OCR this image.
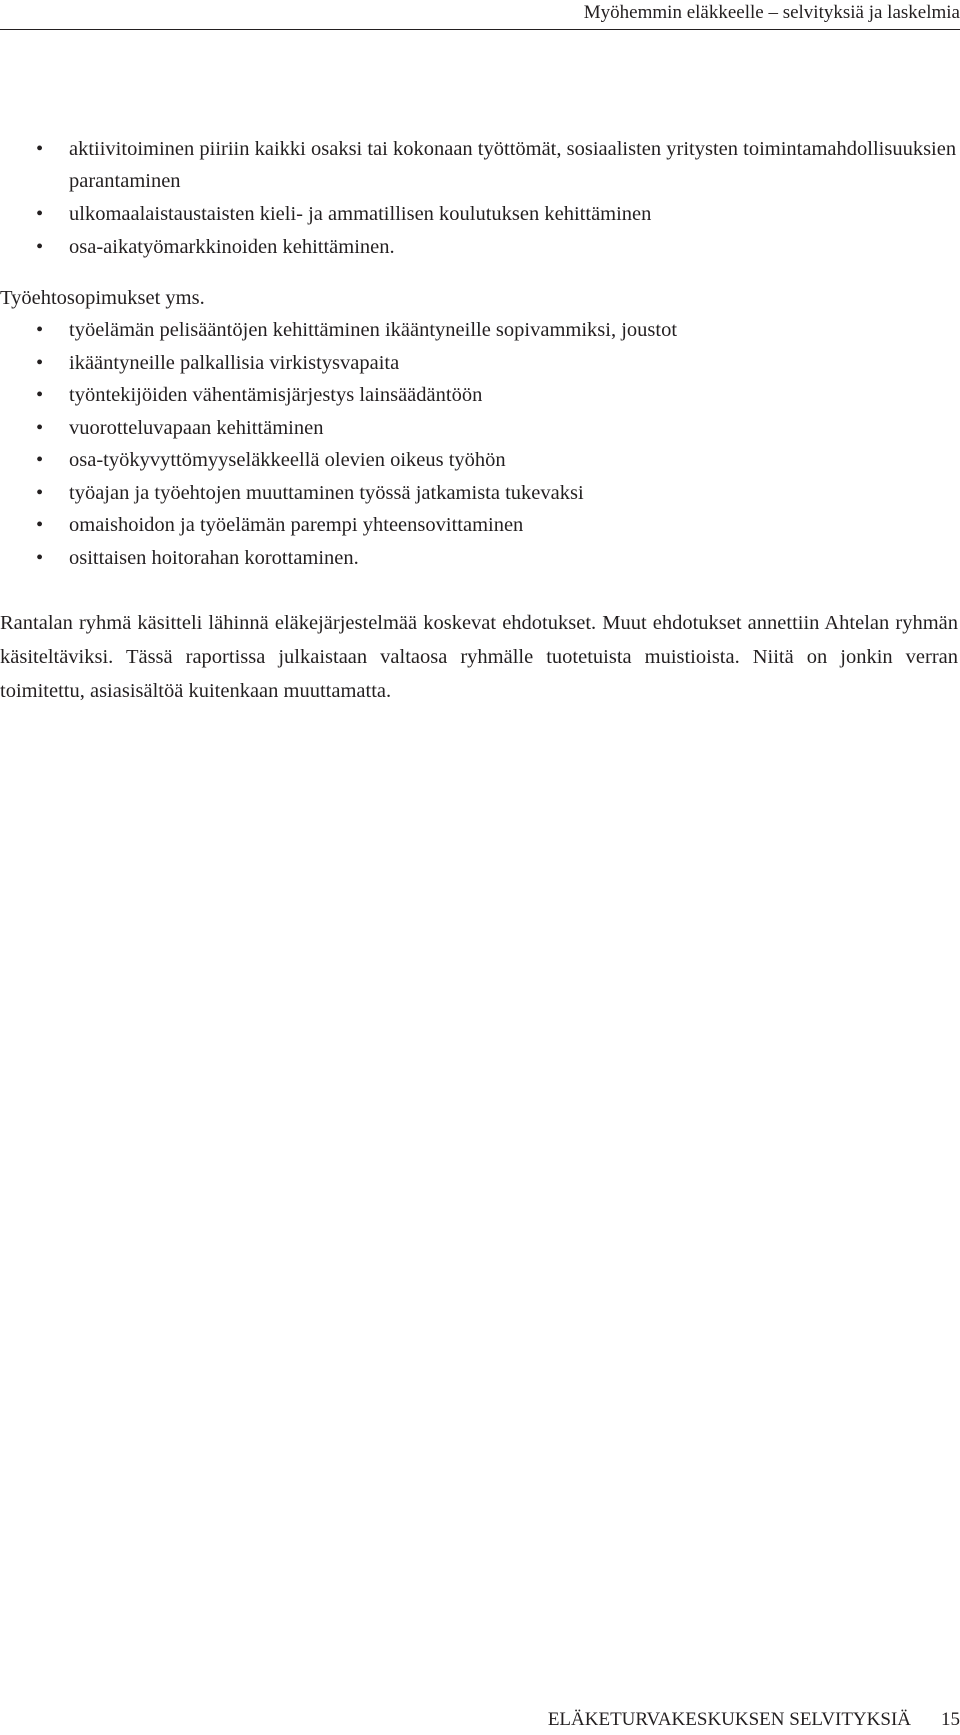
Myöhemmin eläkkeelle – selvityksiä ja laskelmia
• aktiivitoiminen piiriin kaikki osaksi tai kokonaan työttömät, sosiaalisten yritysten toimintamahdollisuuksien parantaminen
• ulkomaalaistaustaisten kieli- ja ammatillisen koulutuksen kehittäminen
• osa-aikatyömarkkinoiden kehittäminen.
Työehtosopimukset yms.
• työelämän pelisääntöjen kehittäminen ikääntyneille sopivammiksi, joustot
• ikääntyneille palkallisia virkistysvapaita
• työntekijöiden vähentämisjärjestys lainsäädäntöön
• vuorotteluvapaan kehittäminen
• osa-työkyvyttömyyseläkkeellä olevien oikeus työhön
• työajan ja työehtojen muuttaminen työssä jatkamista tukevaksi
• omaishoidon ja työelämän parempi yhteensovittaminen
• osittaisen hoitorahan korottaminen.

Rantalan ryhmä käsitteli lähinnä eläkejärjestelmää koskevat ehdotukset. Muut ehdotukset annettiin Ahtelan ryhmän käsiteltäviksi. Tässä raportissa julkaistaan valtaosa ryhmälle tuotetuista muistioista. Niitä on jonkin verran toimitettu, asiasisältöä kuitenkaan muuttamatta.

ELÄKETURVAKESKUKSEN SELVITYKSIÄ 15
